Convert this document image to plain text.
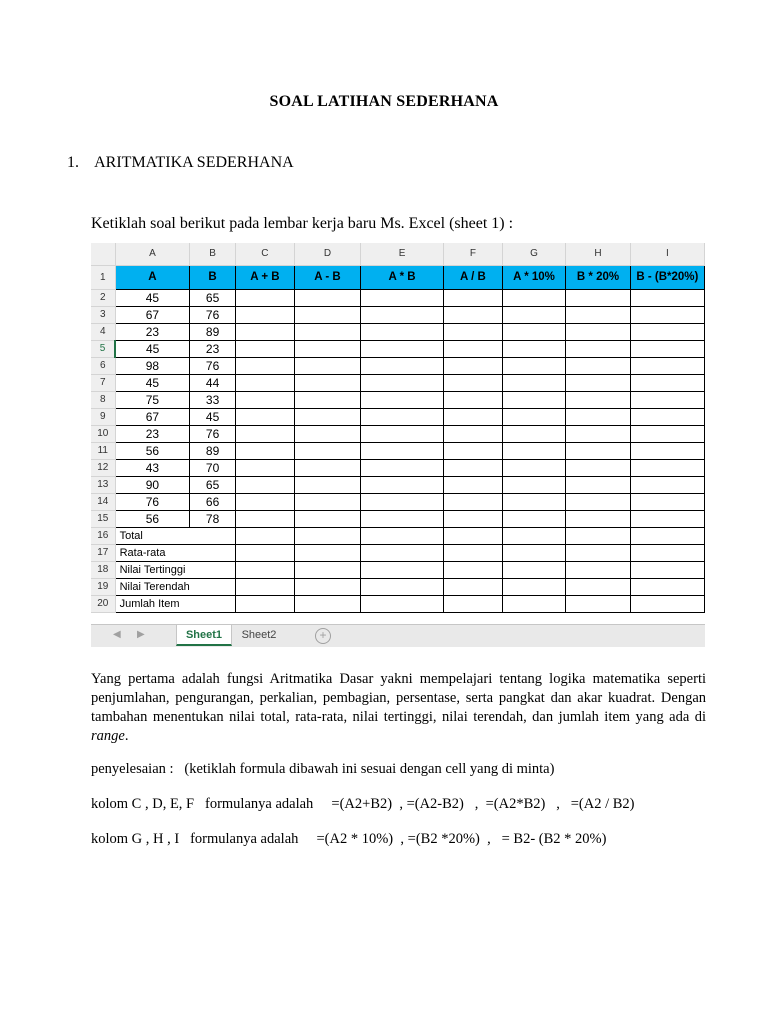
SOAL LATIHAN SEDERHANA
1. ARITMATIKA SEDERHANA
Ketiklah soal berikut pada lembar kerja baru Ms. Excel (sheet 1) :
	A	B	C	D	E	F	G	H	I
1	A	B	A + B	A - B	A * B	A / B	A * 10%	B * 20%	B - (B*20%)
2	45	65							
3	67	76							
4	23	89							
5	45	23							
6	98	76							
7	45	44							
8	75	33							
9	67	45							
10	23	76							
11	56	89							
12	43	70							
13	90	65							
14	76	66							
15	56	78							
16	Total								
17	Rata-rata								
18	Nilai Tertinggi								
19	Nilai Terendah								
20	Jumlah Item								
◀ ▶	Sheet1	Sheet2	+
Yang pertama adalah fungsi Aritmatika Dasar yakni mempelajari tentang logika matematika seperti penjumlahan, pengurangan, perkalian, pembagian, persentase, serta pangkat dan akar kuadrat. Dengan tambahan menentukan nilai total, rata-rata, nilai tertinggi, nilai terendah, dan jumlah item yang ada di range.
penyelesaian :   (ketiklah formula dibawah ini sesuai dengan cell yang di minta)
kolom C , D, E, F   formulanya adalah     =(A2+B2)  , =(A2-B2)   ,  =(A2*B2)   ,   =(A2 / B2)
kolom G , H , I   formulanya adalah     =(A2 * 10%)  , =(B2 *20%)  ,   = B2- (B2 * 20%)
